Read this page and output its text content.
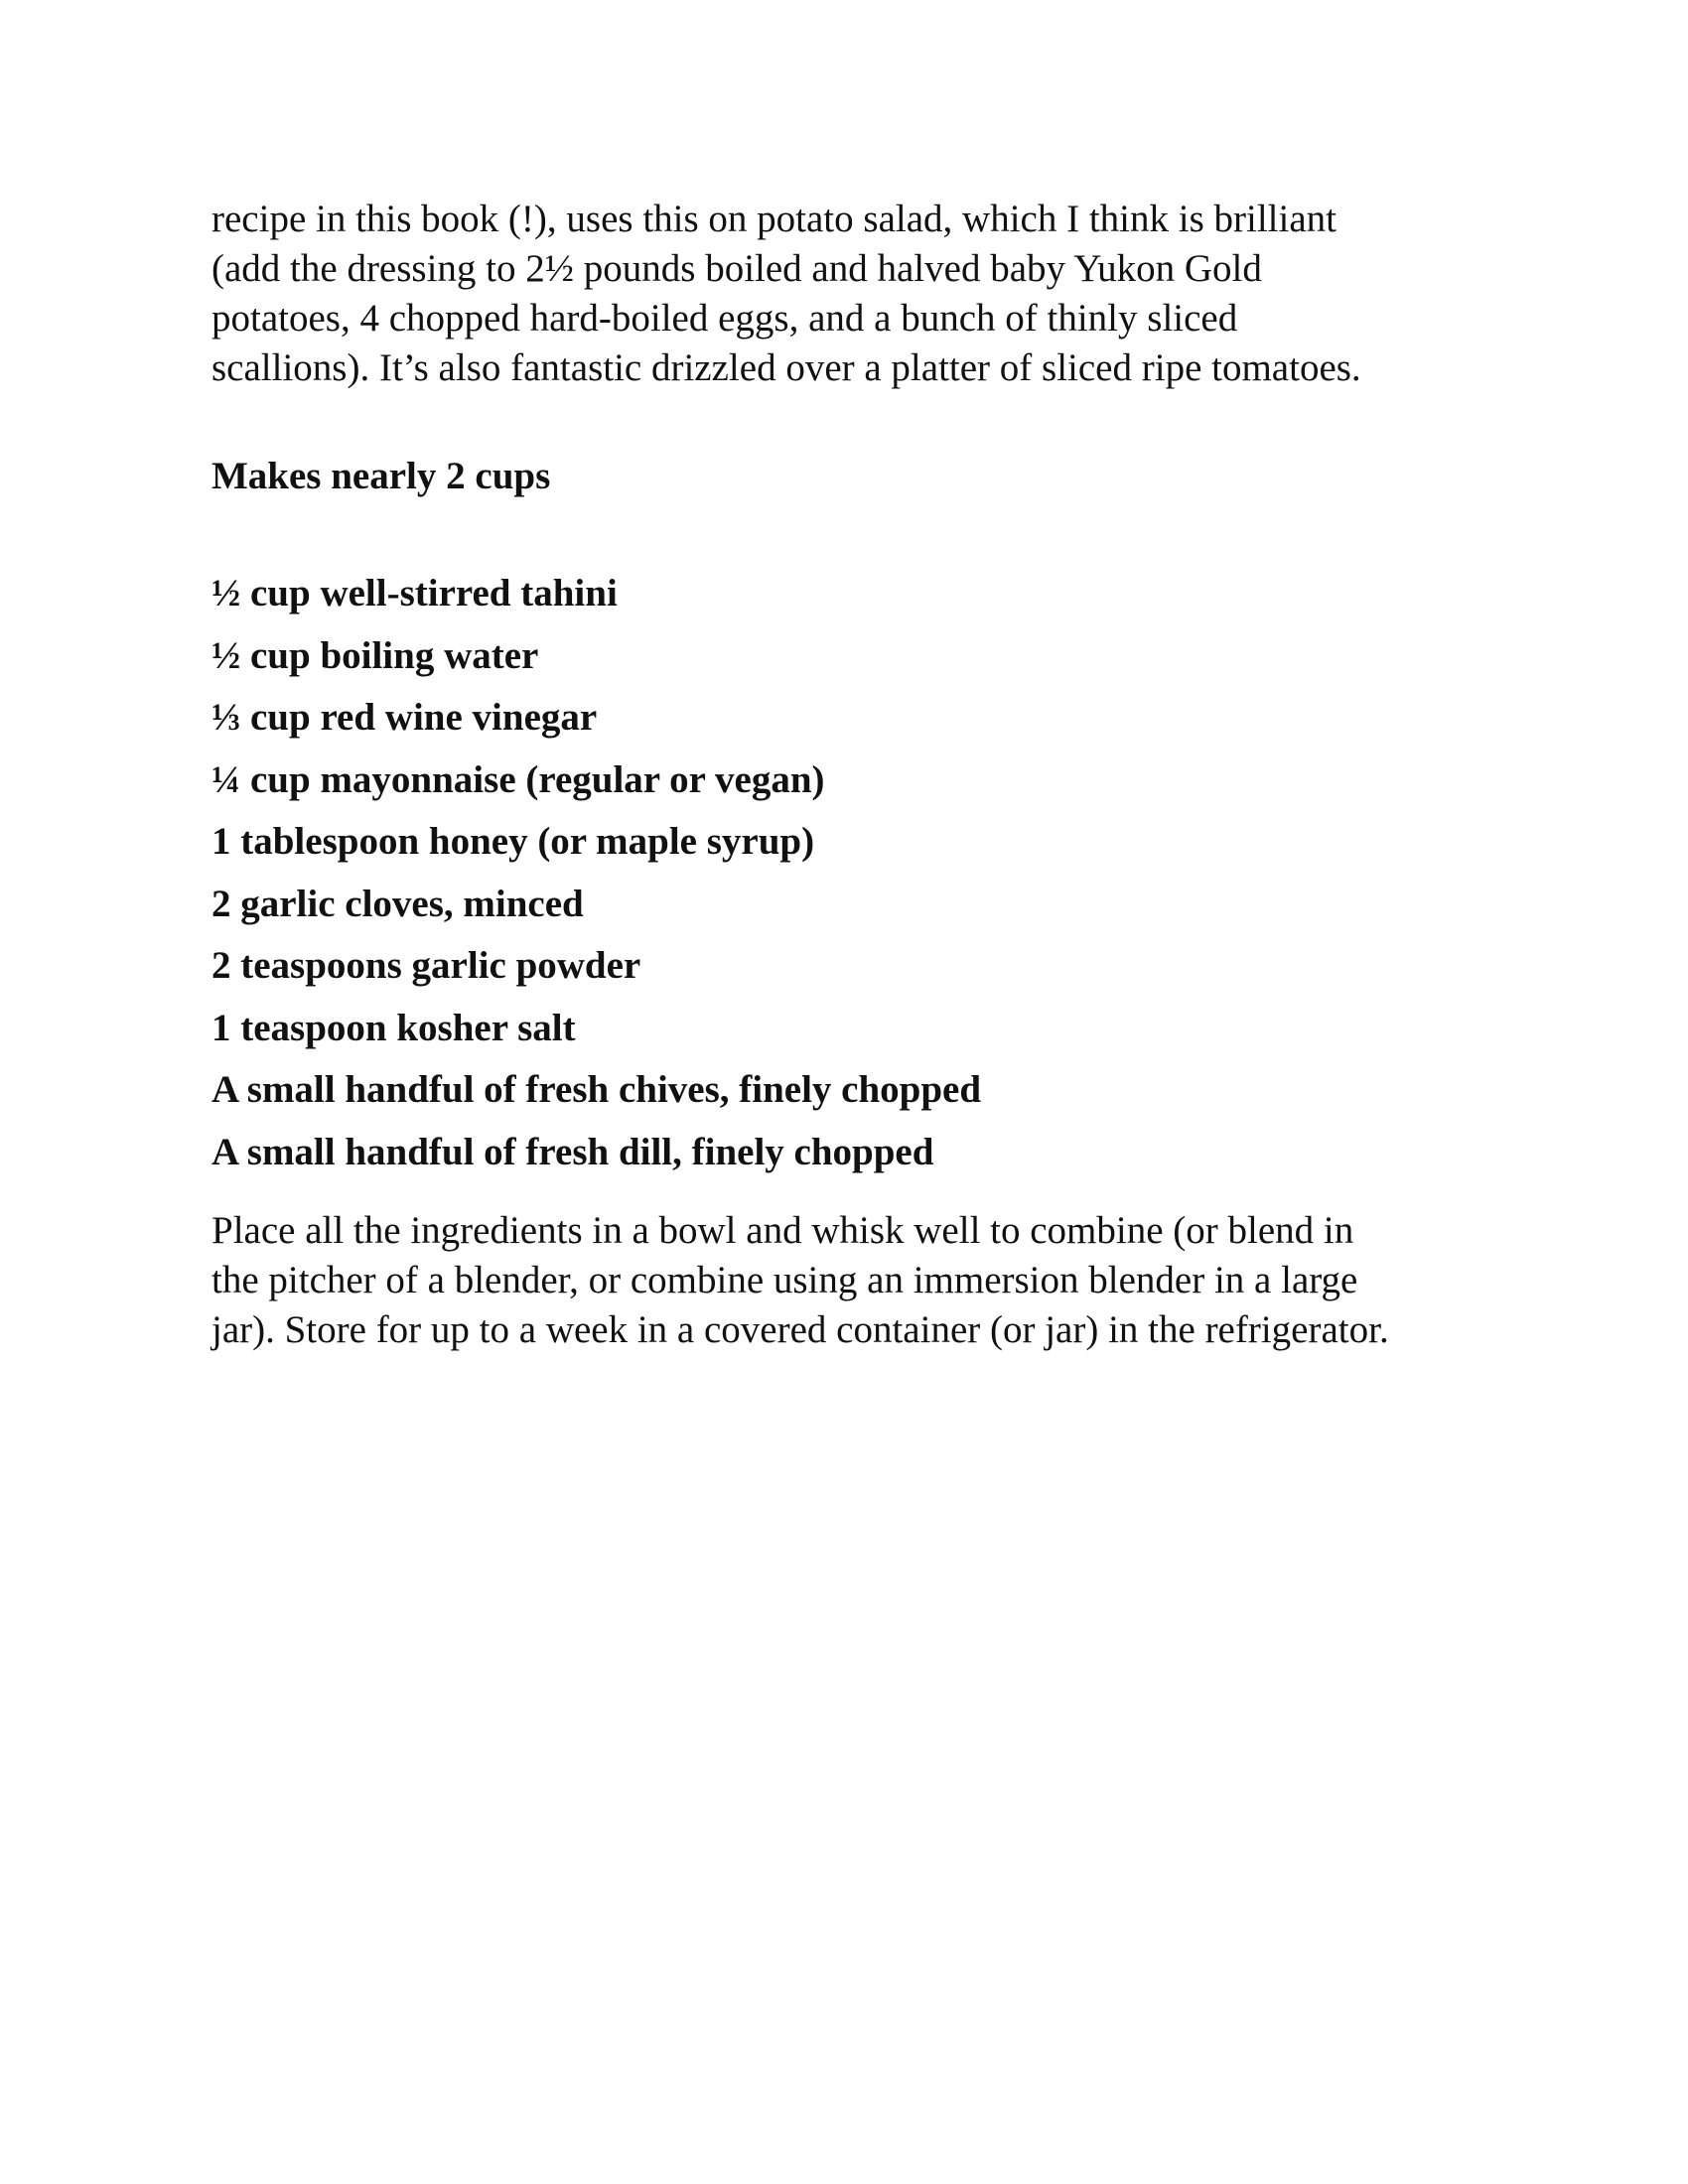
recipe in this book (!), uses this on potato salad, which I think is brilliant
(add the dressing to 2½ pounds boiled and halved baby Yukon Gold
potatoes, 4 chopped hard-boiled eggs, and a bunch of thinly sliced
scallions). It’s also fantastic drizzled over a platter of sliced ripe tomatoes.

Makes nearly 2 cups

½ cup well-stirred tahini
½ cup boiling water
⅓ cup red wine vinegar
¼ cup mayonnaise (regular or vegan)
1 tablespoon honey (or maple syrup)
2 garlic cloves, minced
2 teaspoons garlic powder
1 teaspoon kosher salt
A small handful of fresh chives, finely chopped
A small handful of fresh dill, finely chopped

Place all the ingredients in a bowl and whisk well to combine (or blend in
the pitcher of a blender, or combine using an immersion blender in a large
jar). Store for up to a week in a covered container (or jar) in the refrigerator.
